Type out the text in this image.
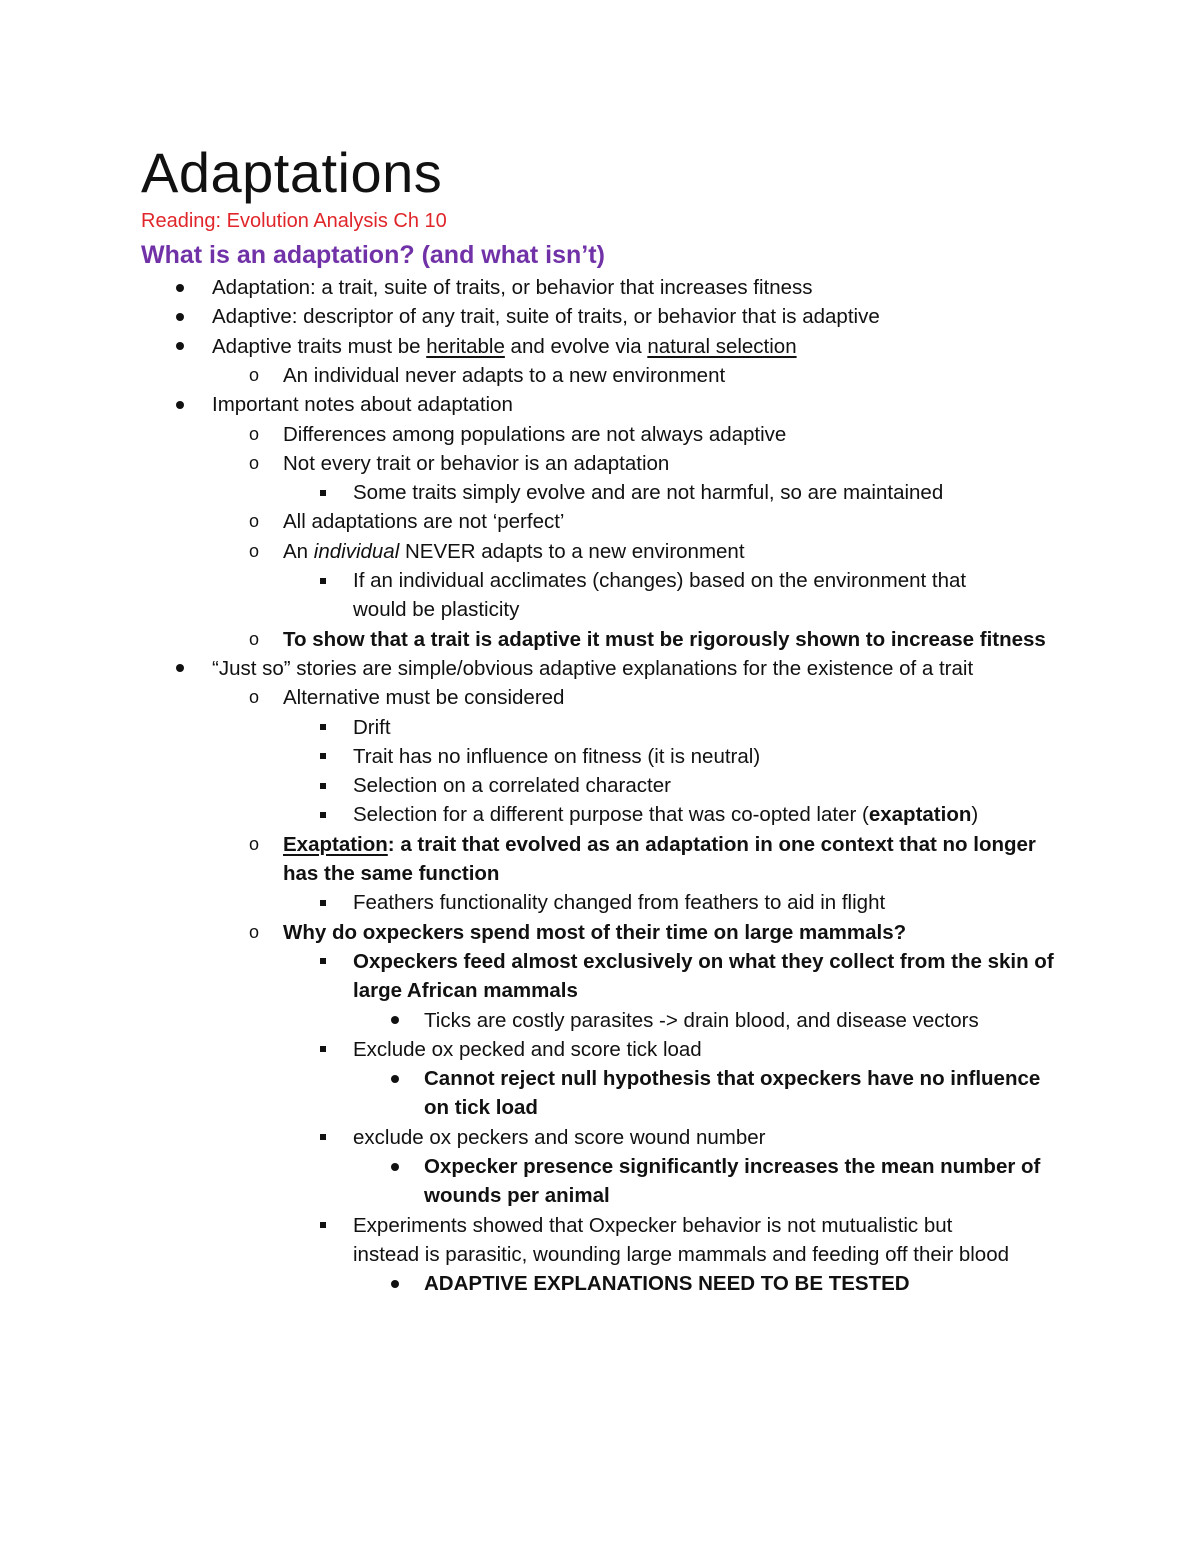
Adaptations
Reading: Evolution Analysis Ch 10
What is an adaptation? (and what isn’t)
Adaptation: a trait, suite of traits, or behavior that increases fitness
Adaptive: descriptor of any trait, suite of traits, or behavior that is adaptive
Adaptive traits must be heritable and evolve via natural selection
o An individual never adapts to a new environment
Important notes about adaptation
o Differences among populations are not always adaptive
o Not every trait or behavior is an adaptation
Some traits simply evolve and are not harmful, so are maintained
o All adaptations are not ‘perfect’
o An individual NEVER adapts to a new environment
If an individual acclimates (changes) based on the environment that
would be plasticity
o To show that a trait is adaptive it must be rigorously shown to increase fitness
“Just so” stories are simple/obvious adaptive explanations for the existence of a trait
o Alternative must be considered
Drift
Trait has no influence on fitness (it is neutral)
Selection on a correlated character
Selection for a different purpose that was co-opted later (exaptation)
o Exaptation: a trait that evolved as an adaptation in one context that no longer
has the same function
Feathers functionality changed from feathers to aid in flight
o Why do oxpeckers spend most of their time on large mammals?
Oxpeckers feed almost exclusively on what they collect from the skin of
large African mammals
Ticks are costly parasites -> drain blood, and disease vectors
Exclude ox pecked and score tick load
Cannot reject null hypothesis that oxpeckers have no influence
on tick load
exclude ox peckers and score wound number
Oxpecker presence significantly increases the mean number of
wounds per animal
Experiments showed that Oxpecker behavior is not mutualistic but
instead is parasitic, wounding large mammals and feeding off their blood
ADAPTIVE EXPLANATIONS NEED TO BE TESTED
